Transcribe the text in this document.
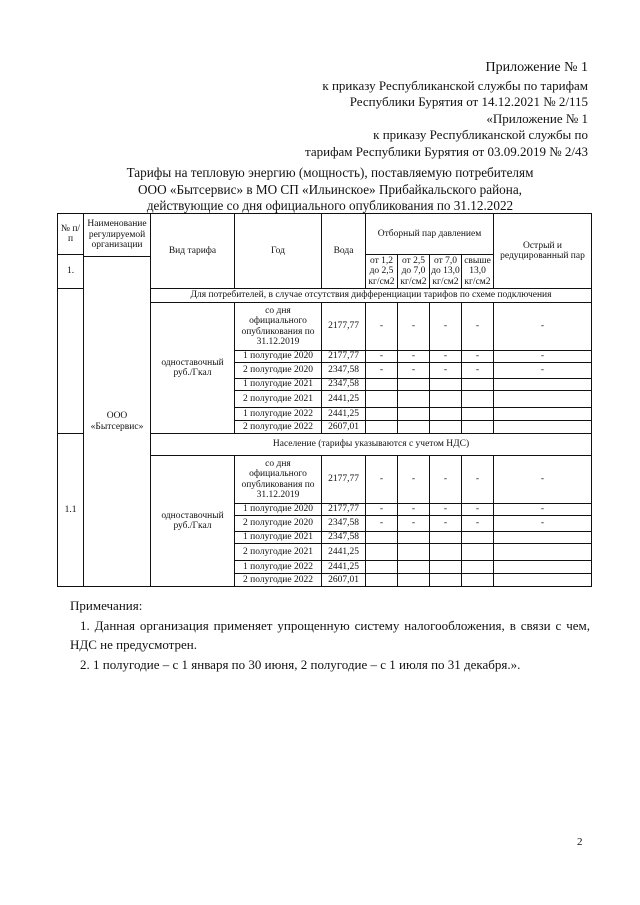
Приложение № 1
к приказу Республиканской службы по тарифам
Республики Бурятия от 14.12.2021 № 2/115
«Приложение № 1
к приказу Республиканской службы по
тарифам Республики Бурятия от 03.09.2019 № 2/43
Тарифы на тепловую энергию (мощность), поставляемую потребителям
ООО «Бытсервис» в МО СП «Ильинское» Прибайкальского района,
действующие со дня официального опубликования по 31.12.2022
№ п/п	Наименование регулируемой организации	Вид тарифа	Год	Вода	Отборный пар давлением				Острый и редуцированный пар
1.					от 1,2 до 2,5 кг/см2	от 2,5 до 7,0 кг/см2	от 7,0 до 13,0 кг/см2	свыше 13,0 кг/см2	
	ООО «Бытсервис»								
		Для потребителей, в случае отсутствия дифференциации тарифов по схеме подключения							
		одноставочный руб./Гкал	со дня официального опубликования по 31.12.2019	2177,77	-	-	-	-	-
			1 полугодие 2020	2177,77	-	-	-	-	-
			2 полугодие 2020	2347,58	-	-	-	-	-
			1 полугодие 2021	2347,58					
			2 полугодие 2021	2441,25					
			1 полугодие 2022	2441,25					
			2 полугодие 2022	2607,01					
1.1		Население (тарифы указываются с учетом НДС)							
		одноставочный руб./Гкал	со дня официального опубликования по 31.12.2019	2177,77	-	-	-	-	-
			1 полугодие 2020	2177,77	-	-	-	-	-
			2 полугодие 2020	2347,58	-	-	-	-	-
			1 полугодие 2021	2347,58					
			2 полугодие 2021	2441,25					
			1 полугодие 2022	2441,25					
			2 полугодие 2022	2607,01					

Примечания:

1. Данная организация применяет упрощенную систему налогообложения, в связи с чем, НДС не предусмотрен.

2. 1 полугодие – с 1 января по 30 июня, 2 полугодие – с 1 июля по 31 декабря.».

2
